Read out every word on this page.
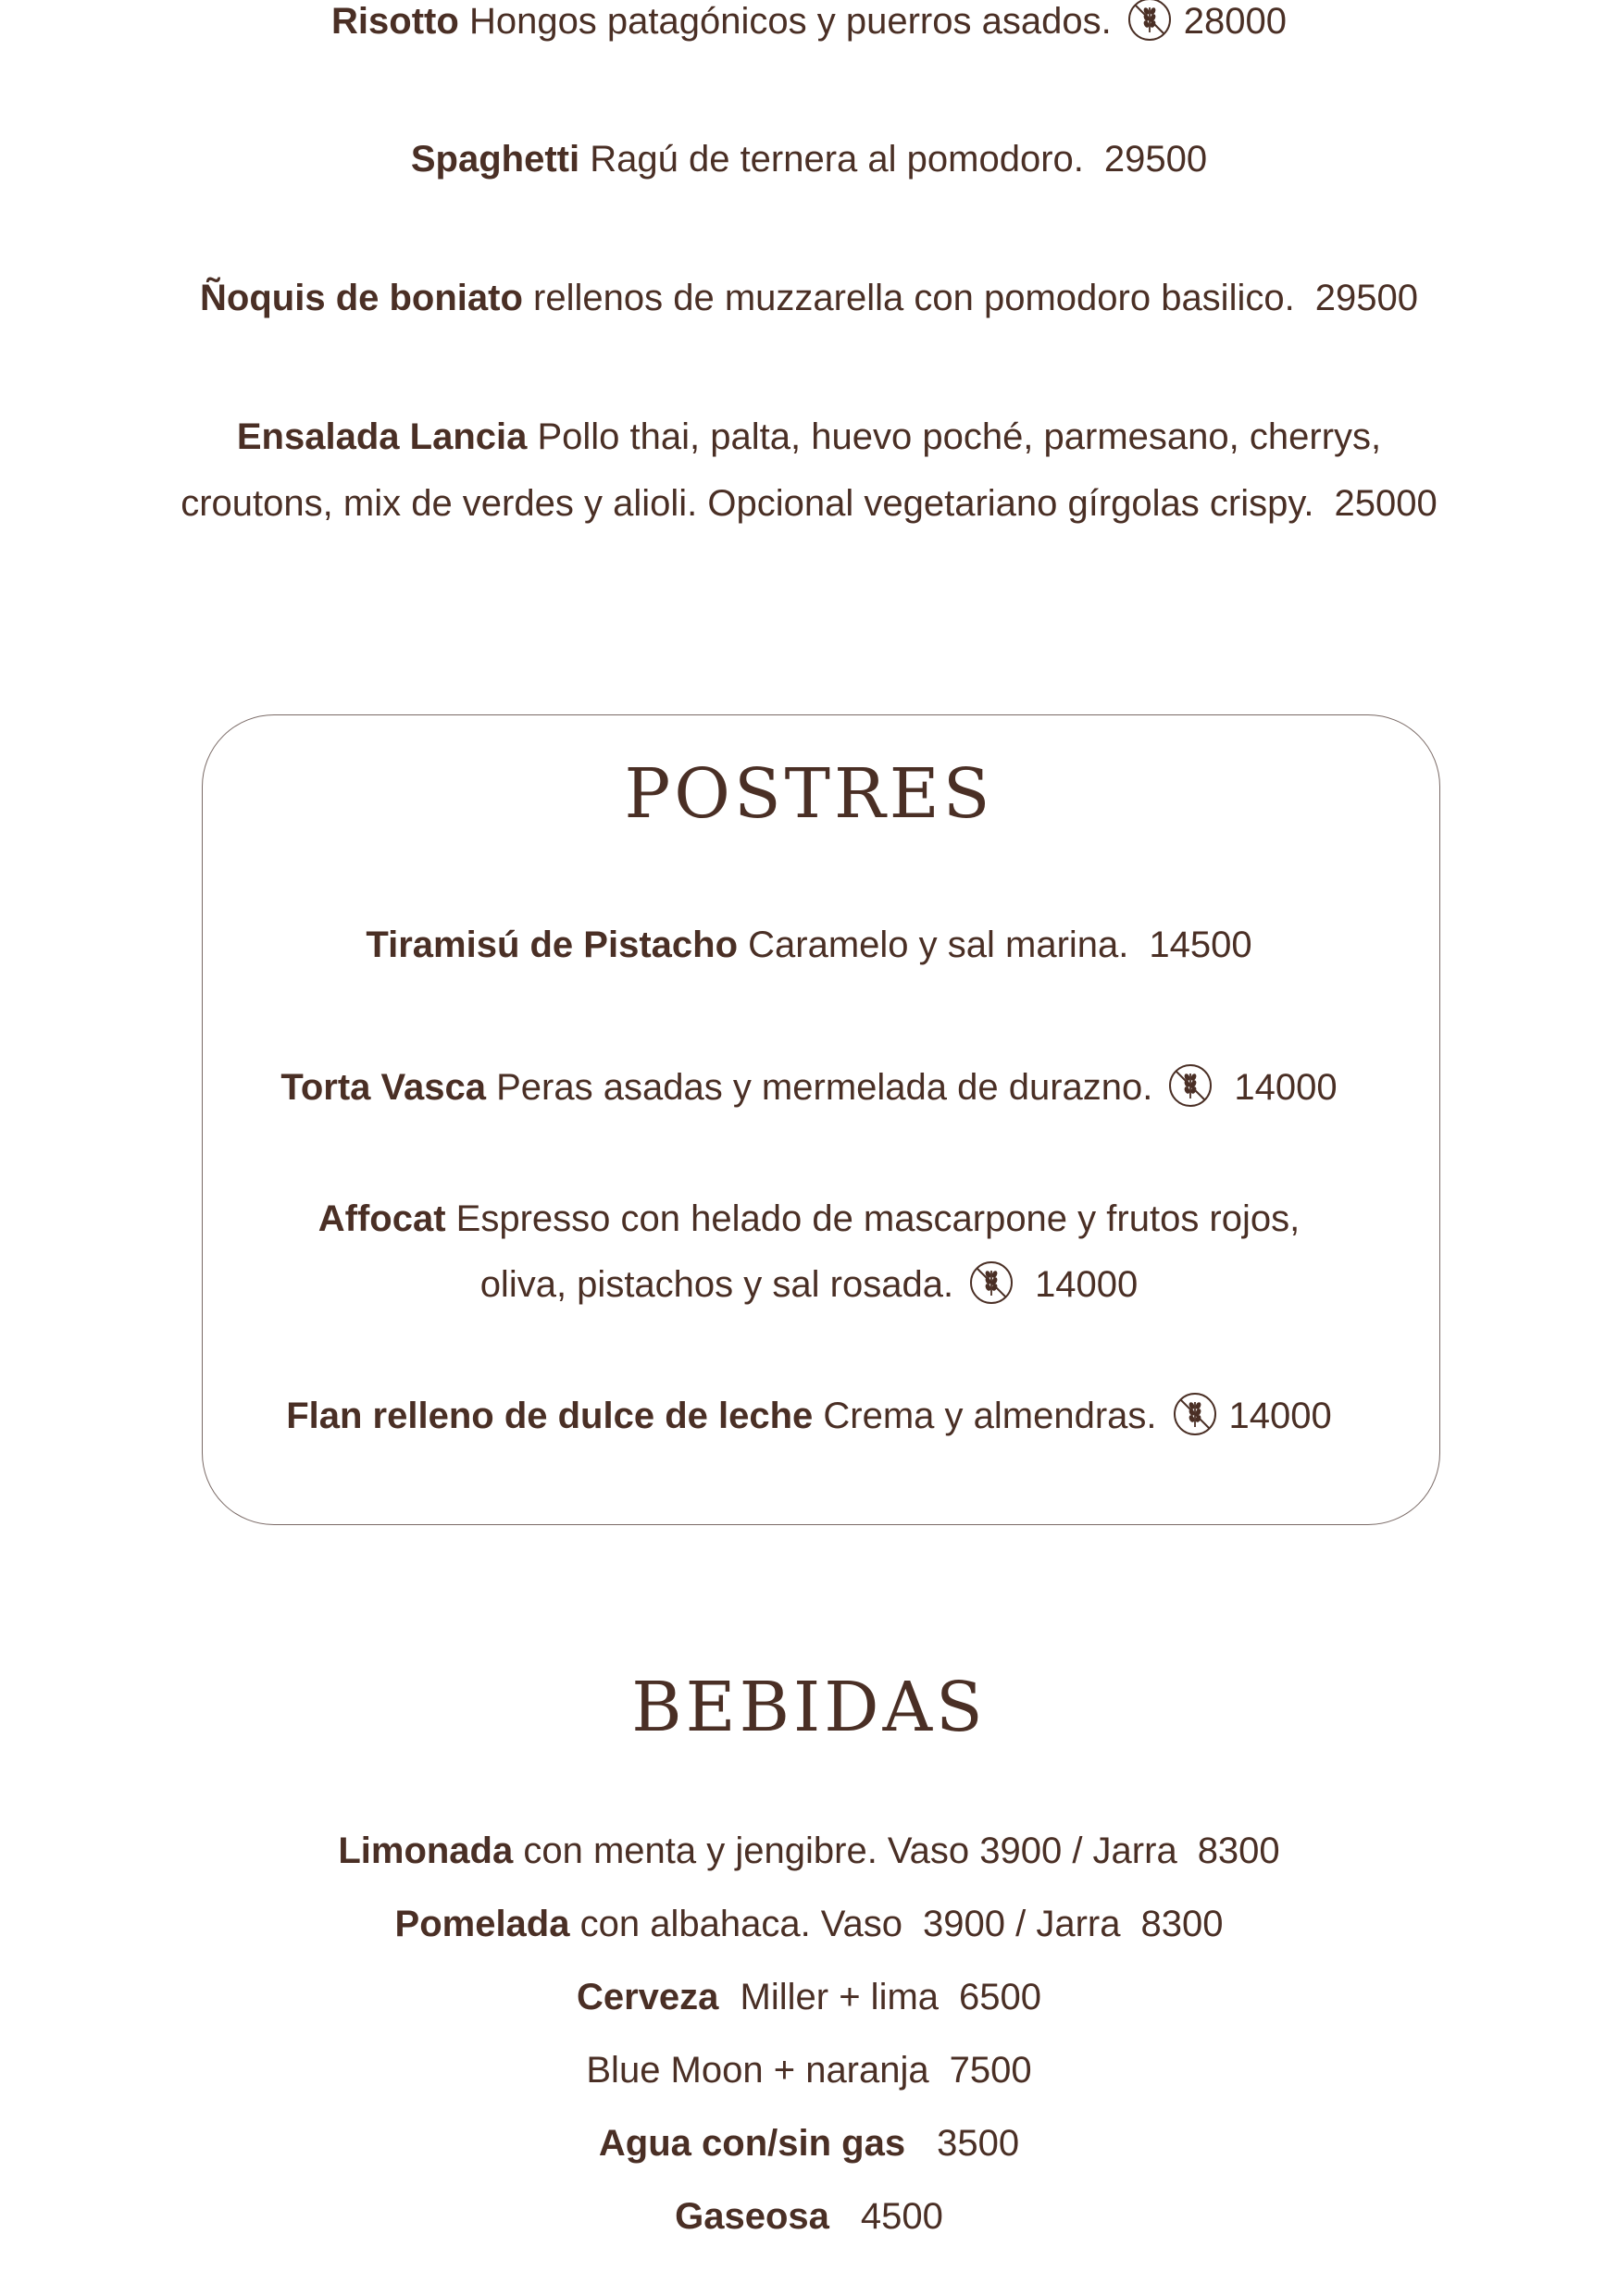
Risotto Hongos patagónicos y puerros asados. 28000
Spaghetti Ragú de ternera al pomodoro. 29500
Ñoquis de boniato rellenos de muzzarella con pomodoro basilico. 29500
Ensalada Lancia Pollo thai, palta, huevo poché, parmesano, cherrys,
croutons, mix de verdes y alioli. Opcional vegetariano gírgolas crispy. 25000
POSTRES
Tiramisú de Pistacho Caramelo y sal marina. 14500
Torta Vasca Peras asadas y mermelada de durazno. 14000
Affocat Espresso con helado de mascarpone y frutos rojos,
oliva, pistachos y sal rosada. 14000
Flan relleno de dulce de leche Crema y almendras. 14000
BEBIDAS
Limonada con menta y jengibre. Vaso 3900 / Jarra 8300
Pomelada con albahaca. Vaso 3900 / Jarra 8300
Cerveza Miller + lima 6500
Blue Moon + naranja 7500
Agua con/sin gas 3500
Gaseosa 4500
